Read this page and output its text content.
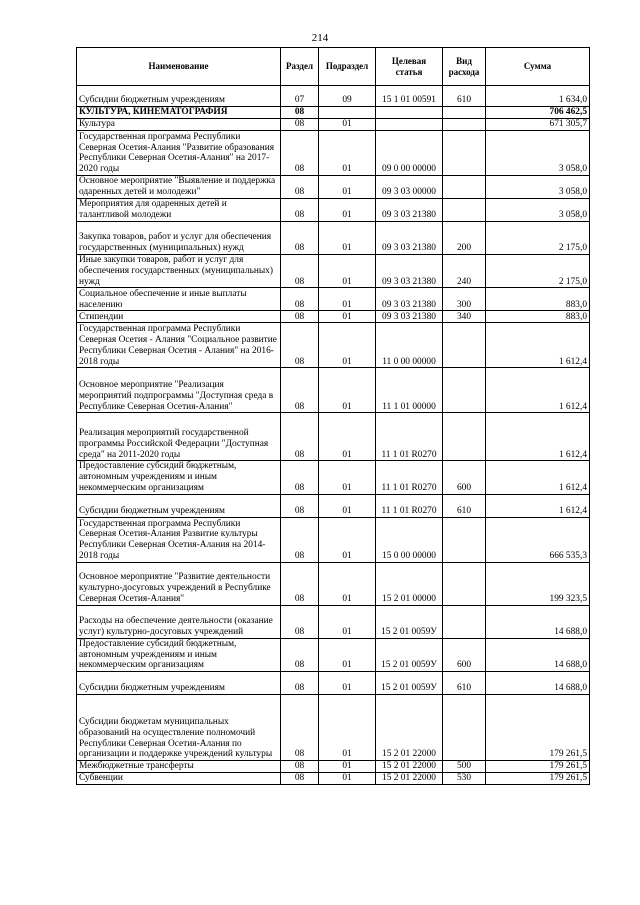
214
Наименование	Раздел	Подраздел	Целевая статья	Вид расхода	Сумма
Субсидии бюджетным учреждениям	07	09	15 1 01 00591	610	1 634,0
КУЛЬТУРА, КИНЕМАТОГРАФИЯ	08				706 462,5
Культура	08	01			671 305,7
Государственная программа Республики Северная Осетия-Алания "Развитие образования Республики Северная Осетия-Алания" на 2017-2020 годы	08	01	09 0 00 00000		3 058,0
Основное мероприятие "Выявление и поддержка одаренных детей и молодежи"	08	01	09 3 03 00000		3 058,0
Мероприятия для одаренных детей и талантливой молодежи	08	01	09 3 03 21380		3 058,0
Закупка товаров, работ и услуг для обеспечения государственных (муниципальных) нужд	08	01	09 3 03 21380	200	2 175,0
Иные закупки товаров, работ и услуг для обеспечения государственных (муниципальных) нужд	08	01	09 3 03 21380	240	2 175,0
Социальное обеспечение и иные выплаты населению	08	01	09 3 03 21380	300	883,0
Стипендии	08	01	09 3 03 21380	340	883,0
Государственная программа Республики Северная Осетия - Алания "Социальное развитие Республики Северная Осетия - Алания" на 2016-2018 годы	08	01	11 0 00 00000		1 612,4
Основное мероприятие "Реализация мероприятий подпрограммы "Доступная среда в Республике Северная Осетия-Алания"	08	01	11 1 01 00000		1 612,4
Реализация мероприятий государственной программы Российской Федерации "Доступная среда" на 2011-2020 годы	08	01	11 1 01 R0270		1 612,4
Предоставление субсидий бюджетным, автономным учреждениям и иным некоммерческим организациям	08	01	11 1 01 R0270	600	1 612,4
Субсидии бюджетным учреждениям	08	01	11 1 01 R0270	610	1 612,4
Государственная программа Республики Северная Осетия-Алания Развитие культуры Республики Северная Осетия-Алания на 2014-2018 годы	08	01	15 0 00 00000		666 535,3
Основное мероприятие "Развитие деятельности культурно-досуговых учреждений в Республике Северная Осетия-Алания"	08	01	15 2 01 00000		199 323,5
Расходы на обеспечение деятельности (оказание услуг) культурно-досуговых учреждений	08	01	15 2 01 0059У		14 688,0
Предоставление субсидий бюджетным, автономным учреждениям и иным некоммерческим организациям	08	01	15 2 01 0059У	600	14 688,0
Субсидии бюджетным учреждениям	08	01	15 2 01 0059У	610	14 688,0
Субсидии бюджетам муниципальных образований на осуществление полномочий Республики Северная Осетия-Алания по организации и поддержке учреждений культуры	08	01	15 2 01 22000		179 261,5
Межбюджетные трансферты	08	01	15 2 01 22000	500	179 261,5
Субвенции	08	01	15 2 01 22000	530	179 261,5
